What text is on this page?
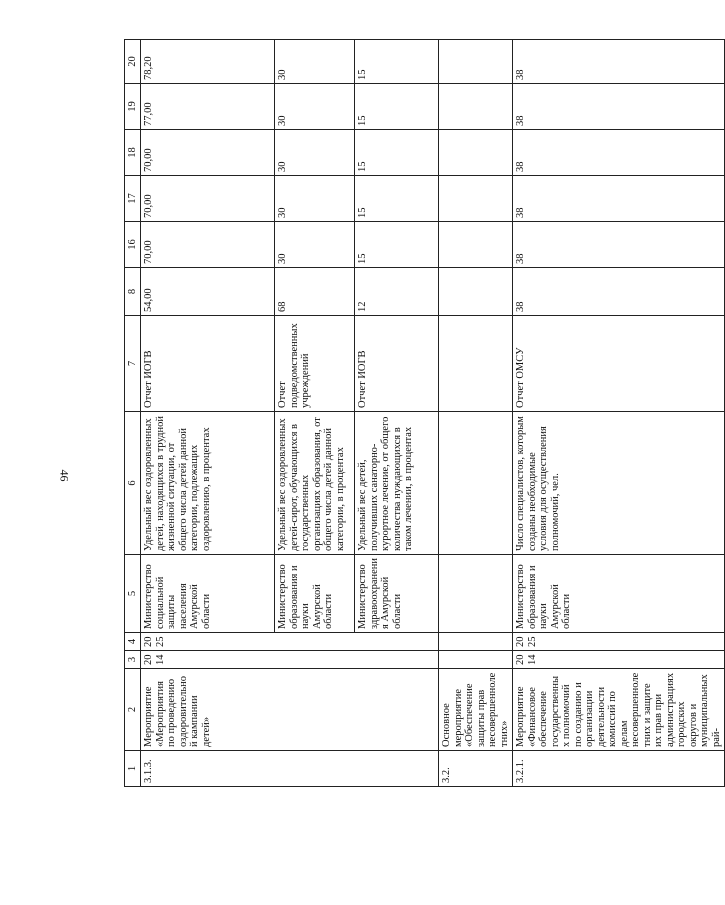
46
1	2	3	4	5	6	7	8	16	17	18	19	20
3.1.3.	Мероприятие «Мероприятия по проведению оздоровительной кампании детей»	2014	2025	Министерство социальной защиты населения Амурской области	Удельный вес оздоровленных детей, находящихся в трудной жизненной ситуации, от общего числа детей данной категории, подлежащих оздоровлению, в процентах	Отчет ИОГВ	54,00	70,00	70,00	70,00	77,00	78,20
				Министерство образования и науки Амурской области	Удельный вес оздоровленных детей-сирот, обучающихся в государственных организациях образования, от общего числа детей данной категории, в процентах	Отчет подведомственных учреждений	68	30	30	30	30	30
				Министерство здравоохранения Амурской области	Удельный вес детей, получивших санаторно-курортное лечение, от общего количества нуждающихся в таком лечении, в процентах	Отчет ИОГВ	12	15	15	15	15	15
3.2.	Основное мероприятие «Обеспечение защиты прав несовершеннолетних»											
3.2.1.	Мероприятие «Финансовое обеспечение государственных полномочий по созданию и организации деятельности комиссий по делам несовершеннолетних и защите их прав при администрациях городских округов и муниципальных рай-	2014	2025	Министерство образования и науки Амурской области	Число специалистов, которым созданы необходимые условия для осуществления полномочий, чел.	Отчет ОМСУ	38	38	38	38	38	38
